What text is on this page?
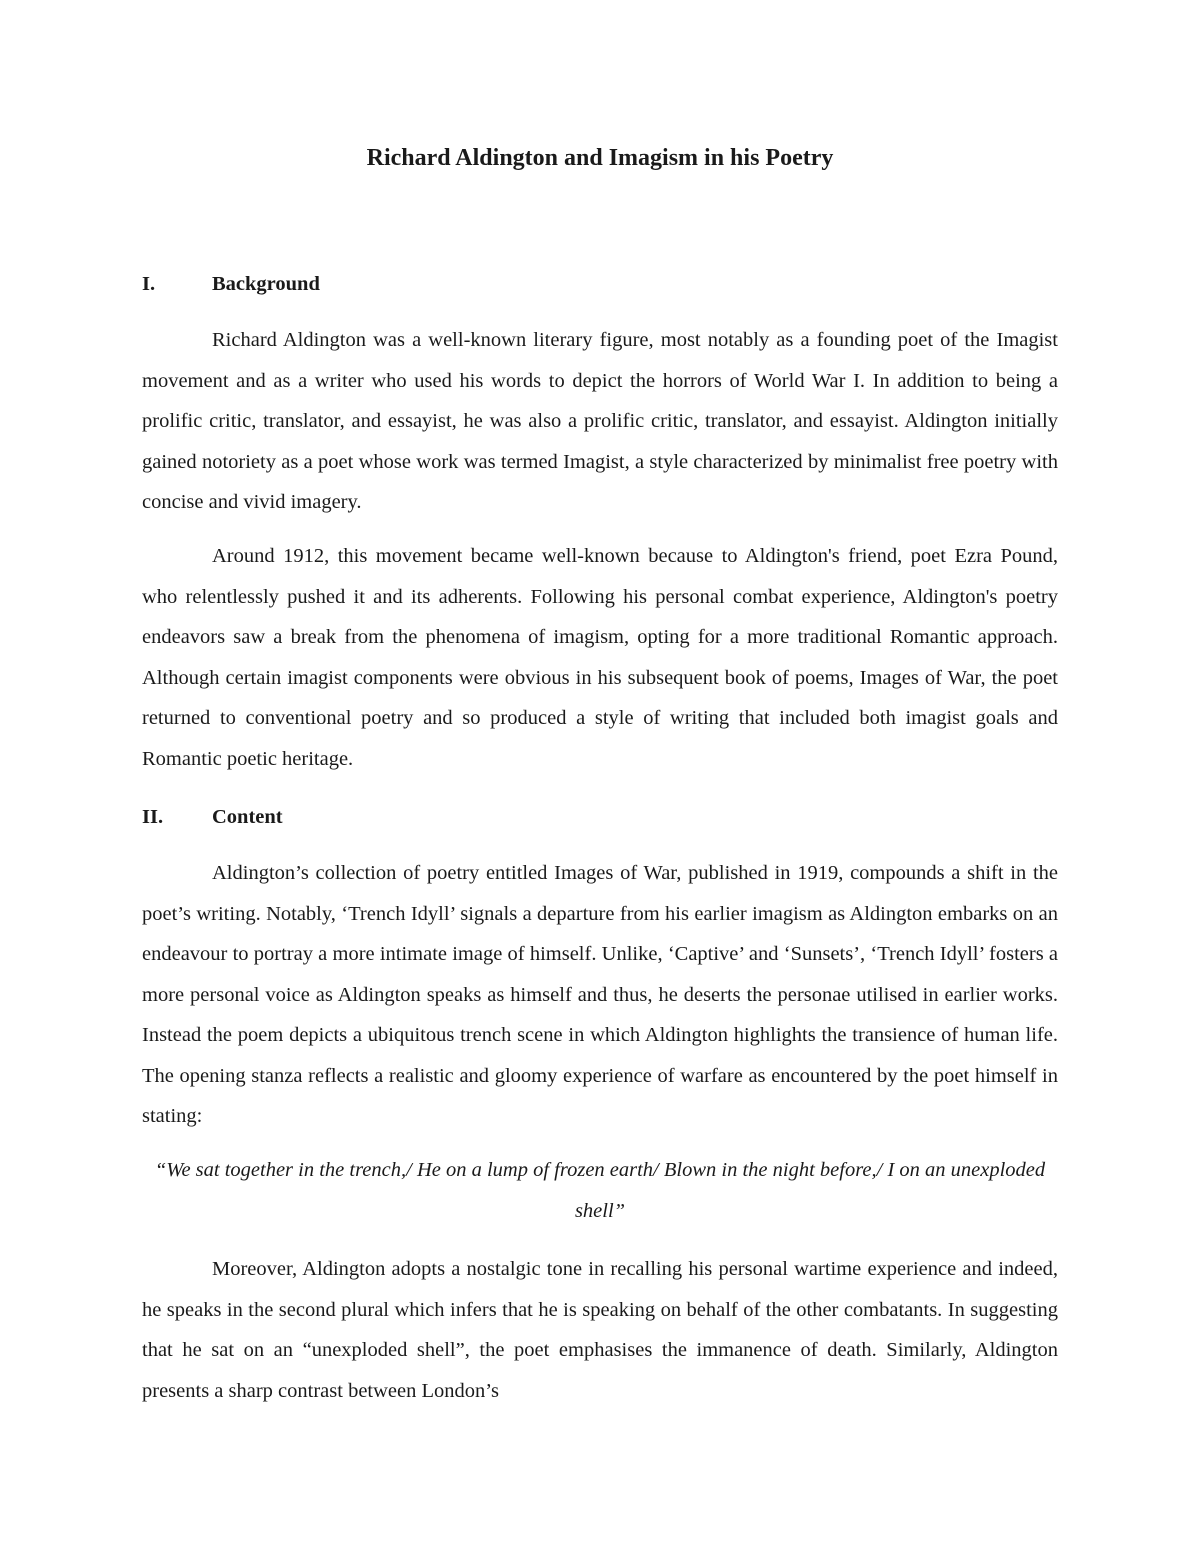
Richard Aldington and Imagism in his Poetry
I.	Background

Richard Aldington was a well-known literary figure, most notably as a founding poet of the Imagist movement and as a writer who used his words to depict the horrors of World War I. In addition to being a prolific critic, translator, and essayist, he was also a prolific critic, translator, and essayist. Aldington initially gained notoriety as a poet whose work was termed Imagist, a style characterized by minimalist free poetry with concise and vivid imagery.

Around 1912, this movement became well-known because to Aldington's friend, poet Ezra Pound, who relentlessly pushed it and its adherents. Following his personal combat experience, Aldington's poetry endeavors saw a break from the phenomena of imagism, opting for a more traditional Romantic approach. Although certain imagist components were obvious in his subsequent book of poems, Images of War, the poet returned to conventional poetry and so produced a style of writing that included both imagist goals and Romantic poetic heritage.

II.	Content

Aldington’s collection of poetry entitled Images of War, published in 1919, compounds a shift in the poet’s writing. Notably, ‘Trench Idyll’ signals a departure from his earlier imagism as Aldington embarks on an endeavour to portray a more intimate image of himself. Unlike, ‘Captive’ and ‘Sunsets’, ‘Trench Idyll’ fosters a more personal voice as Aldington speaks as himself and thus, he deserts the personae utilised in earlier works. Instead the poem depicts a ubiquitous trench scene in which Aldington highlights the transience of human life. The opening stanza reflects a realistic and gloomy experience of warfare as encountered by the poet himself in stating:

“We sat together in the trench,/ He on a lump of frozen earth/ Blown in the night before,/ I on an unexploded shell”

Moreover, Aldington adopts a nostalgic tone in recalling his personal wartime experience and indeed, he speaks in the second plural which infers that he is speaking on behalf of the other combatants. In suggesting that he sat on an “unexploded shell”, the poet emphasises the immanence of death. Similarly, Aldington presents a sharp contrast between London’s
